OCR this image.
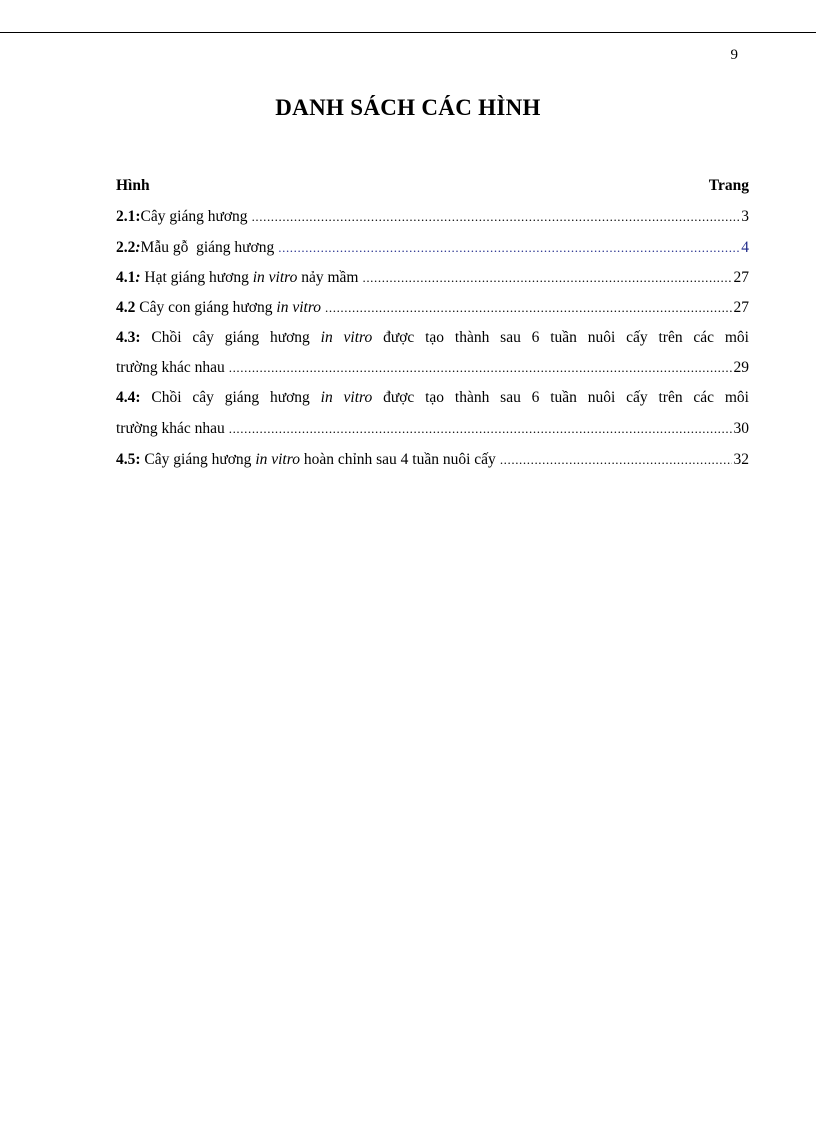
9
DANH SÁCH CÁC HÌNH
Hình	Trang
2.1:Cây giáng hương .....	3
2.2:Mẫu gỗ  giáng hương .....	4
4.1: Hạt giáng hương in vitro nảy mầm .....	27
4.2 Cây con giáng hương in vitro .....	27
4.3: Chồi cây giáng hương in vitro được tạo thành sau 6 tuần nuôi cấy trên các môi
trường khác nhau .....	29
4.4: Chồi cây giáng hương in vitro được tạo thành sau 6 tuần nuôi cấy trên các môi
trường khác nhau .....	30
4.5: Cây giáng hương in vitro hoàn chỉnh sau 4 tuần nuôi cấy .....	32
